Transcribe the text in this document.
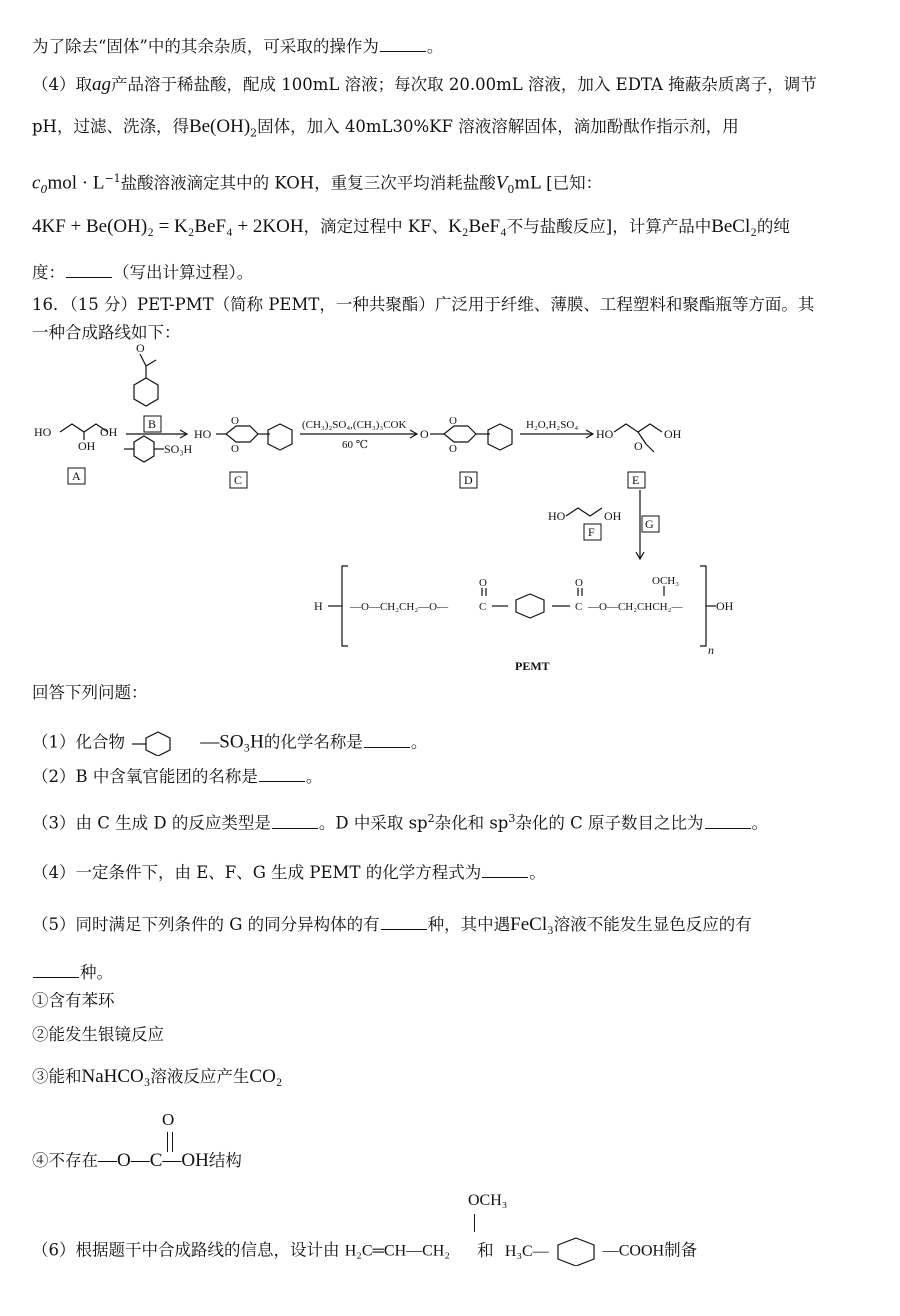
为了除去“固体”中的其余杂质，可采取的操作为	。
（4）取ag产品溶于稀盐酸，配成 100mL 溶液；每次取 20.00mL 溶液，加入 EDTA 掩蔽杂质离子，调节
pH，过滤、洗涤，得$Be(OH)_2$固体，加入 40mL30%KF 溶液溶解固体，滴加酚酞作指示剂，用
$c_0mol \cdot L^{-1}$盐酸溶液滴定其中的 KOH，重复三次平均消耗盐酸$V_0mL$ [已知：
4KF + Be(OH)₂ = K₂BeF₄ + 2KOH，滴定过程中 KF、K₂BeF₄不与盐酸反应]，计算产品中BeCl₂的纯
度：	（写出计算过程）。
16．（15 分）PET-PMT（简称 PEMT，一种共聚酯）广泛用于纤维、薄膜、工程塑料和聚酯瓶等方面。其
一种合成路线如下：
HO
OH
OH
O
SO₃H
HO
O
O
(CH₃)₂SO₄,(CH₃)₃COK
60 ℃
O
O
O
H₂O,H₂SO₄
HO
O
OH
HO	OH
H —O—CH₂CH₂—O—
O
C
O
C —O—CH₂CHCH₂—
OCH₃
OH
n
PEMT
B
A	C	D	E
F
G
回答下列问题：
（1）化合物	—SO₃H的化学名称是	。
（2）B 中含氧官能团的名称是	。
（3）由 C 生成 D 的反应类型是	。D 中采取 $sp^2$杂化和 $sp^3$杂化的 C 原子数目之比为	。
（4）一定条件下，由 E、F、G 生成 PEMT 的化学方程式为	。
（5）同时满足下列条件的 G 的同分异构体的有	种，其中遇FeCl₃溶液不能发生显色反应的有
种。
①含有苯环
②能发生银镜反应
③能和NaHCO₃溶液反应产生CO₂
O
④不存在—O—C—OH结构
OCH₃
（6）根据题干中合成路线的信息，设计由 H₂C═CH—CH₂ 和 H₃C—	—COOH制备
